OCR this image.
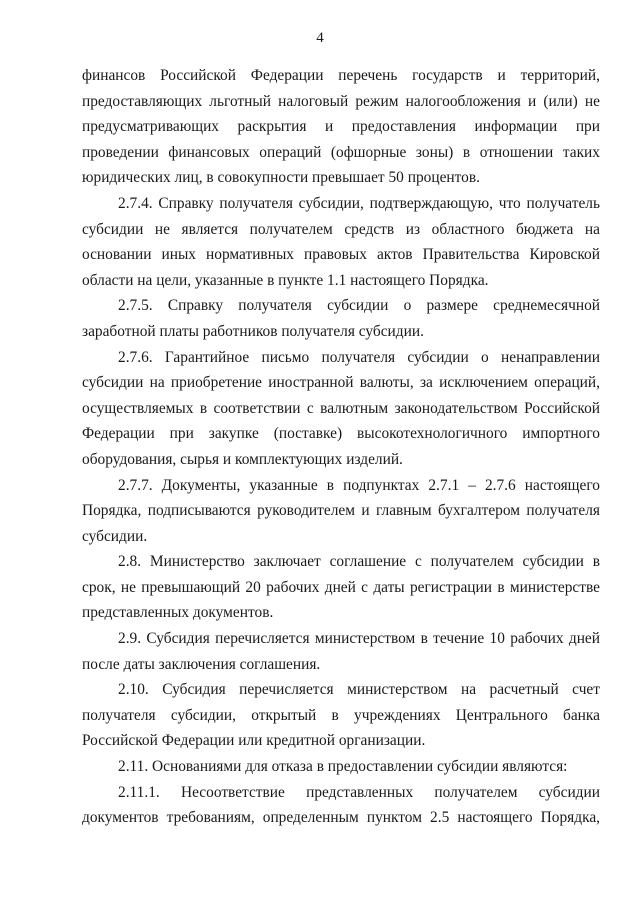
4

финансов Российской Федерации перечень государств и территорий, предоставляющих льготный налоговый режим налогообложения и (или) не предусматривающих раскрытия и предоставления информации при проведении финансовых операций (офшорные зоны) в отношении таких юридических лиц, в совокупности превышает 50 процентов.

2.7.4. Справку получателя субсидии, подтверждающую, что получатель субсидии не является получателем средств из областного бюджета на основании иных нормативных правовых актов Правительства Кировской области на цели, указанные в пункте 1.1 настоящего Порядка.

2.7.5. Справку получателя субсидии о размере среднемесячной заработной платы работников получателя субсидии.

2.7.6. Гарантийное письмо получателя субсидии о ненаправлении субсидии на приобретение иностранной валюты, за исключением операций, осуществляемых в соответствии с валютным законодательством Российской Федерации при закупке (поставке) высокотехнологичного импортного оборудования, сырья и комплектующих изделий.

2.7.7. Документы, указанные в подпунктах 2.7.1 – 2.7.6 настоящего Порядка, подписываются руководителем и главным бухгалтером получателя субсидии.

2.8. Министерство заключает соглашение с получателем субсидии в срок, не превышающий 20 рабочих дней с даты регистрации в министерстве представленных документов.

2.9. Субсидия перечисляется министерством в течение 10 рабочих дней после даты заключения соглашения.

2.10. Субсидия перечисляется министерством на расчетный счет получателя субсидии, открытый в учреждениях Центрального банка Российской Федерации или кредитной организации.

2.11. Основаниями для отказа в предоставлении субсидии являются:

2.11.1. Несоответствие представленных получателем субсидии документов требованиям, определенным пунктом 2.5 настоящего Порядка,
